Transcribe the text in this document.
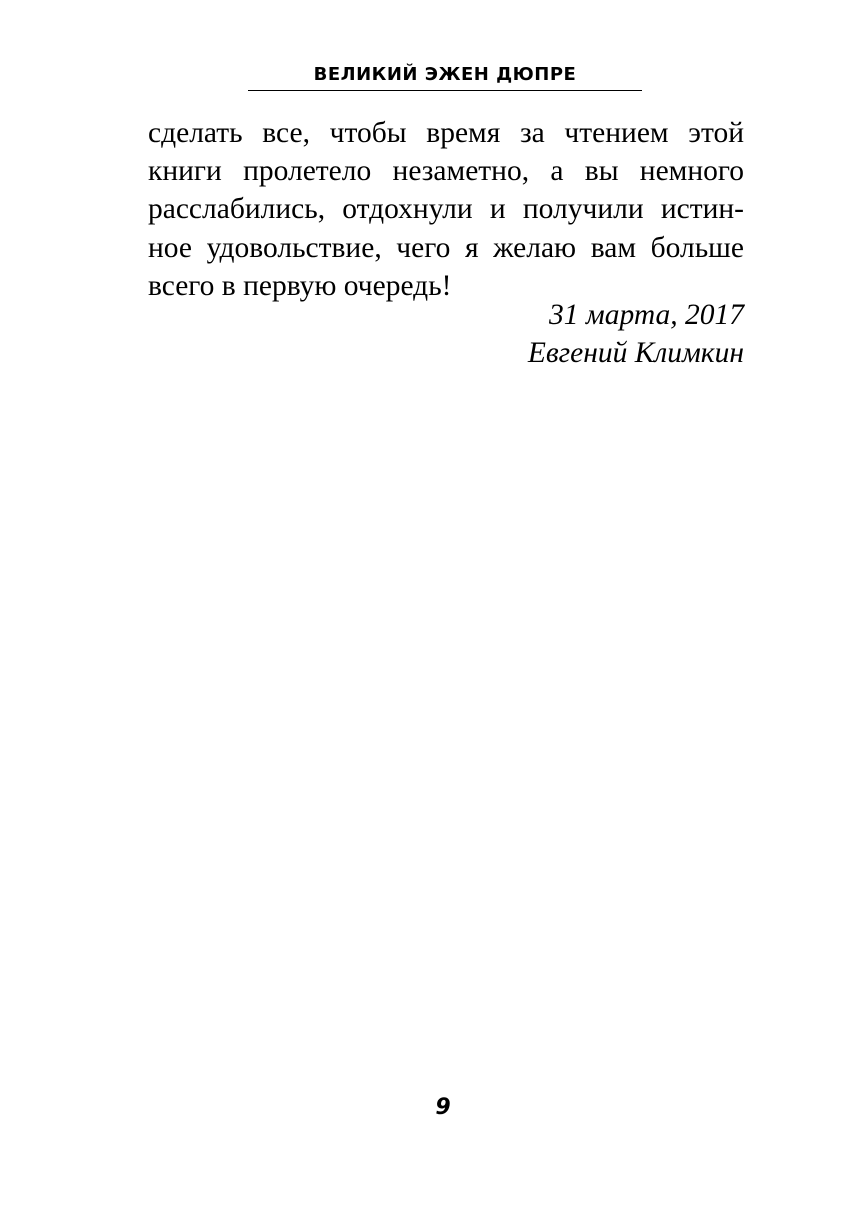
ВЕЛИКИЙ ЭЖЕН ДЮПРЕ
сделать все, чтобы время за чтением этой
книги пролетело незаметно, а вы немного
расслабились, отдохнули и получили истин-
ное удовольствие, чего я желаю вам больше
всего в первую очередь!
31 марта, 2017
Евгений Климкин
9
